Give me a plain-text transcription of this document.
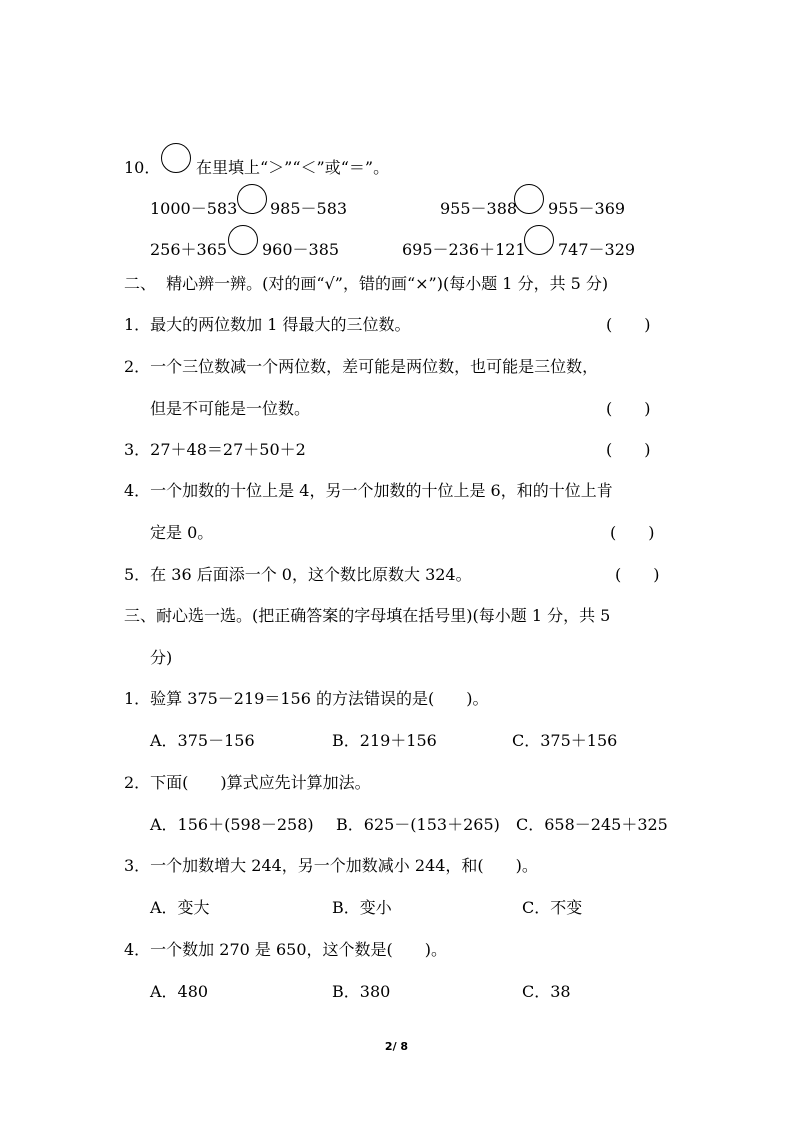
10． 在里填上“＞”“＜”或“＝”。
1000－583 985－583	955－388 955－369
256＋365 960－385	695－236＋121 747－329
二、  精心辨一辨。(对的画“√”，错的画“×”)(每小题 1 分，共 5 分)
1．最大的两位数加 1 得最大的三位数。	(　　)
2．一个三位数减一个两位数，差可能是两位数，也可能是三位数，
但是不可能是一位数。	(　　)
3．27＋48＝27＋50＋2	(　　)
4．一个加数的十位上是 4，另一个加数的十位上是 6，和的十位上肯
定是 0。	(　　)
5．在 36 后面添一个 0，这个数比原数大 324。	(　　)
三、耐心选一选。(把正确答案的字母填在括号里)(每小题 1 分，共 5
分)
1．验算 375－219＝156 的方法错误的是(　　)。
A．375－156	B．219＋156	C．375＋156
2．下面(　　)算式应先计算加法。
A．156＋(598－258) B．625－(153＋265) C．658－245＋325
3．一个加数增大 244，另一个加数减小 244，和(　　)。
A．变大	B．变小	C．不变
4．一个数加 270 是 650，这个数是(　　)。
A．480	B．380	C．38
2/ 8
